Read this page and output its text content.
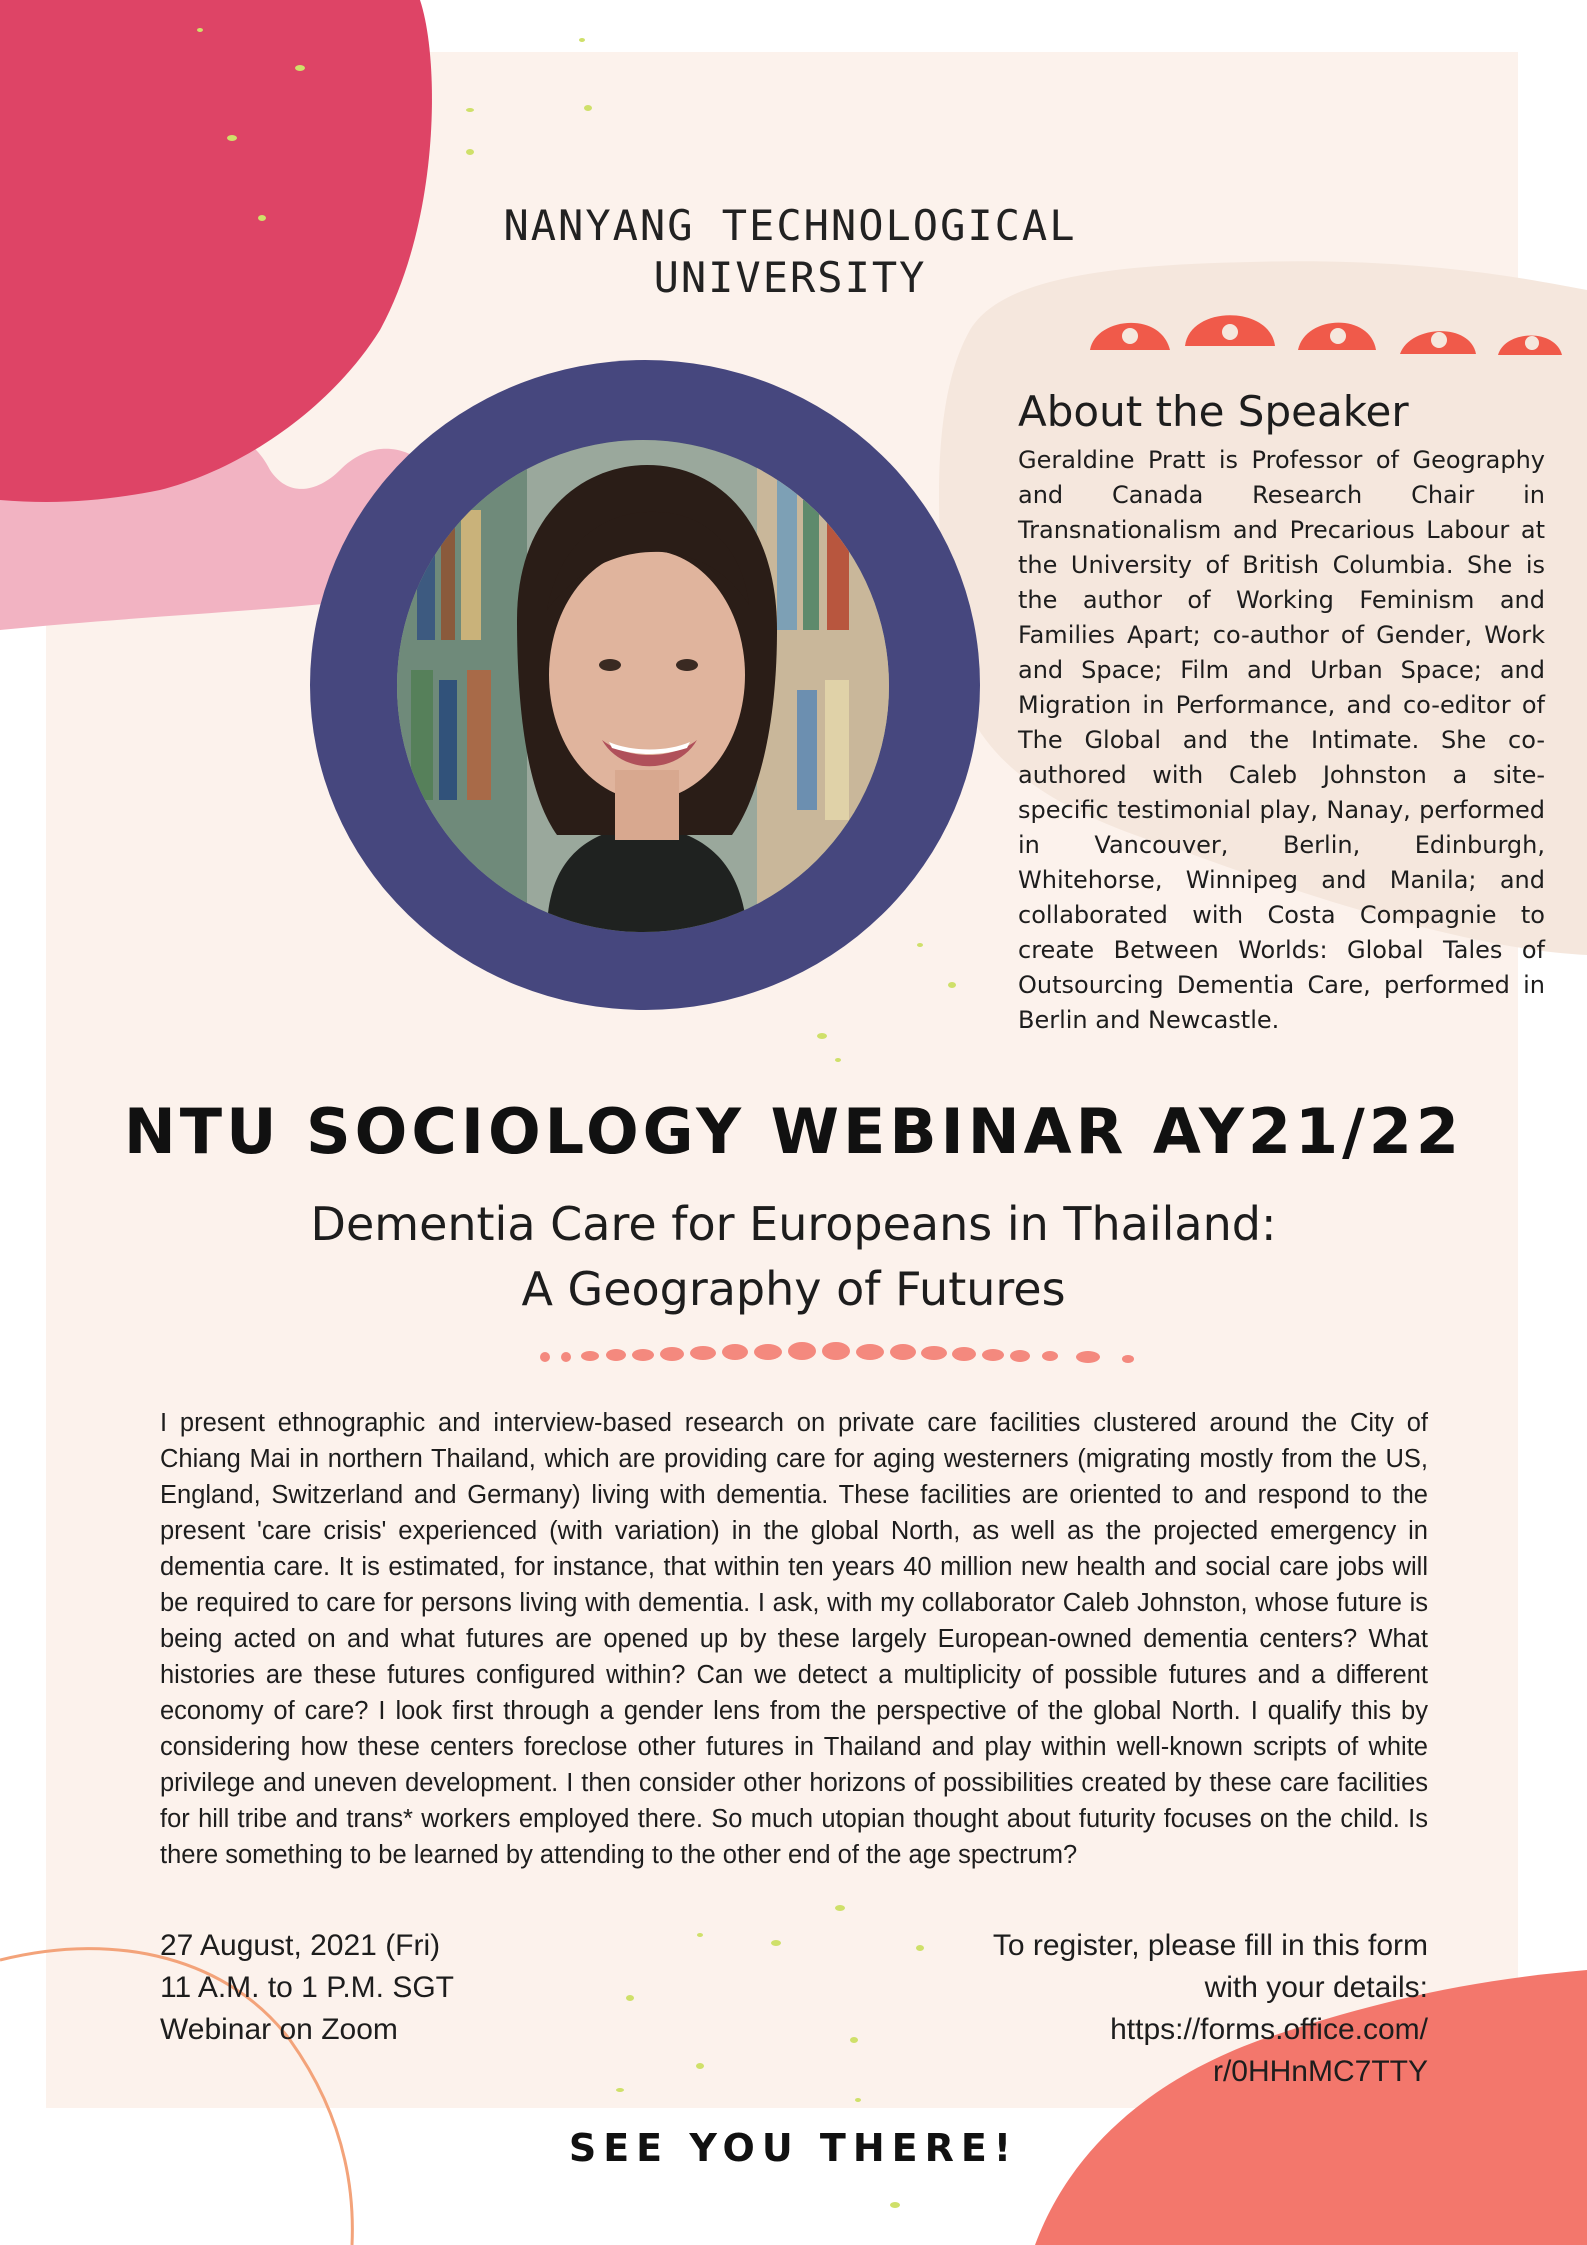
NANYANG TECHNOLOGICAL
UNIVERSITY
About the Speaker

Geraldine Pratt is Professor of Geography and Canada Research Chair in Transnationalism and Precarious Labour at the University of British Columbia. She is the author of Working Feminism and Families Apart; co-author of Gender, Work and Space; Film and Urban Space; and Migration in Performance, and co-editor of The Global and the Intimate. She co-authored with Caleb Johnston a site-specific testimonial play, Nanay, performed in Vancouver, Berlin, Edinburgh, Whitehorse, Winnipeg and Manila; and collaborated with Costa Compagnie to create Between Worlds: Global Tales of Outsourcing Dementia Care, performed in Berlin and Newcastle.

NTU SOCIOLOGY WEBINAR AY21/22
Dementia Care for Europeans in Thailand:
A Geography of Futures

I present ethnographic and interview-based research on private care facilities clustered around the City of Chiang Mai in northern Thailand, which are providing care for aging westerners (migrating mostly from the US, England, Switzerland and Germany) living with dementia. These facilities are oriented to and respond to the present 'care crisis' experienced (with variation) in the global North, as well as the projected emergency in dementia care. It is estimated, for instance, that within ten years 40 million new health and social care jobs will be required to care for persons living with dementia. I ask, with my collaborator Caleb Johnston, whose future is being acted on and what futures are opened up by these largely European-owned dementia centers? What histories are these futures configured within? Can we detect a multiplicity of possible futures and a different economy of care? I look first through a gender lens from the perspective of the global North. I qualify this by considering how these centers foreclose other futures in Thailand and play within well-known scripts of white privilege and uneven development. I then consider other horizons of possibilities created by these care facilities for hill tribe and trans* workers employed there. So much utopian thought about futurity focuses on the child. Is there something to be learned by attending to the other end of the age spectrum?

27 August, 2021 (Fri)
11 A.M. to 1 P.M. SGT
Webinar on Zoom
To register, please fill in this form
with your details:
https://forms.office.com/
r/0HHnMC7TTY
SEE YOU THERE!
